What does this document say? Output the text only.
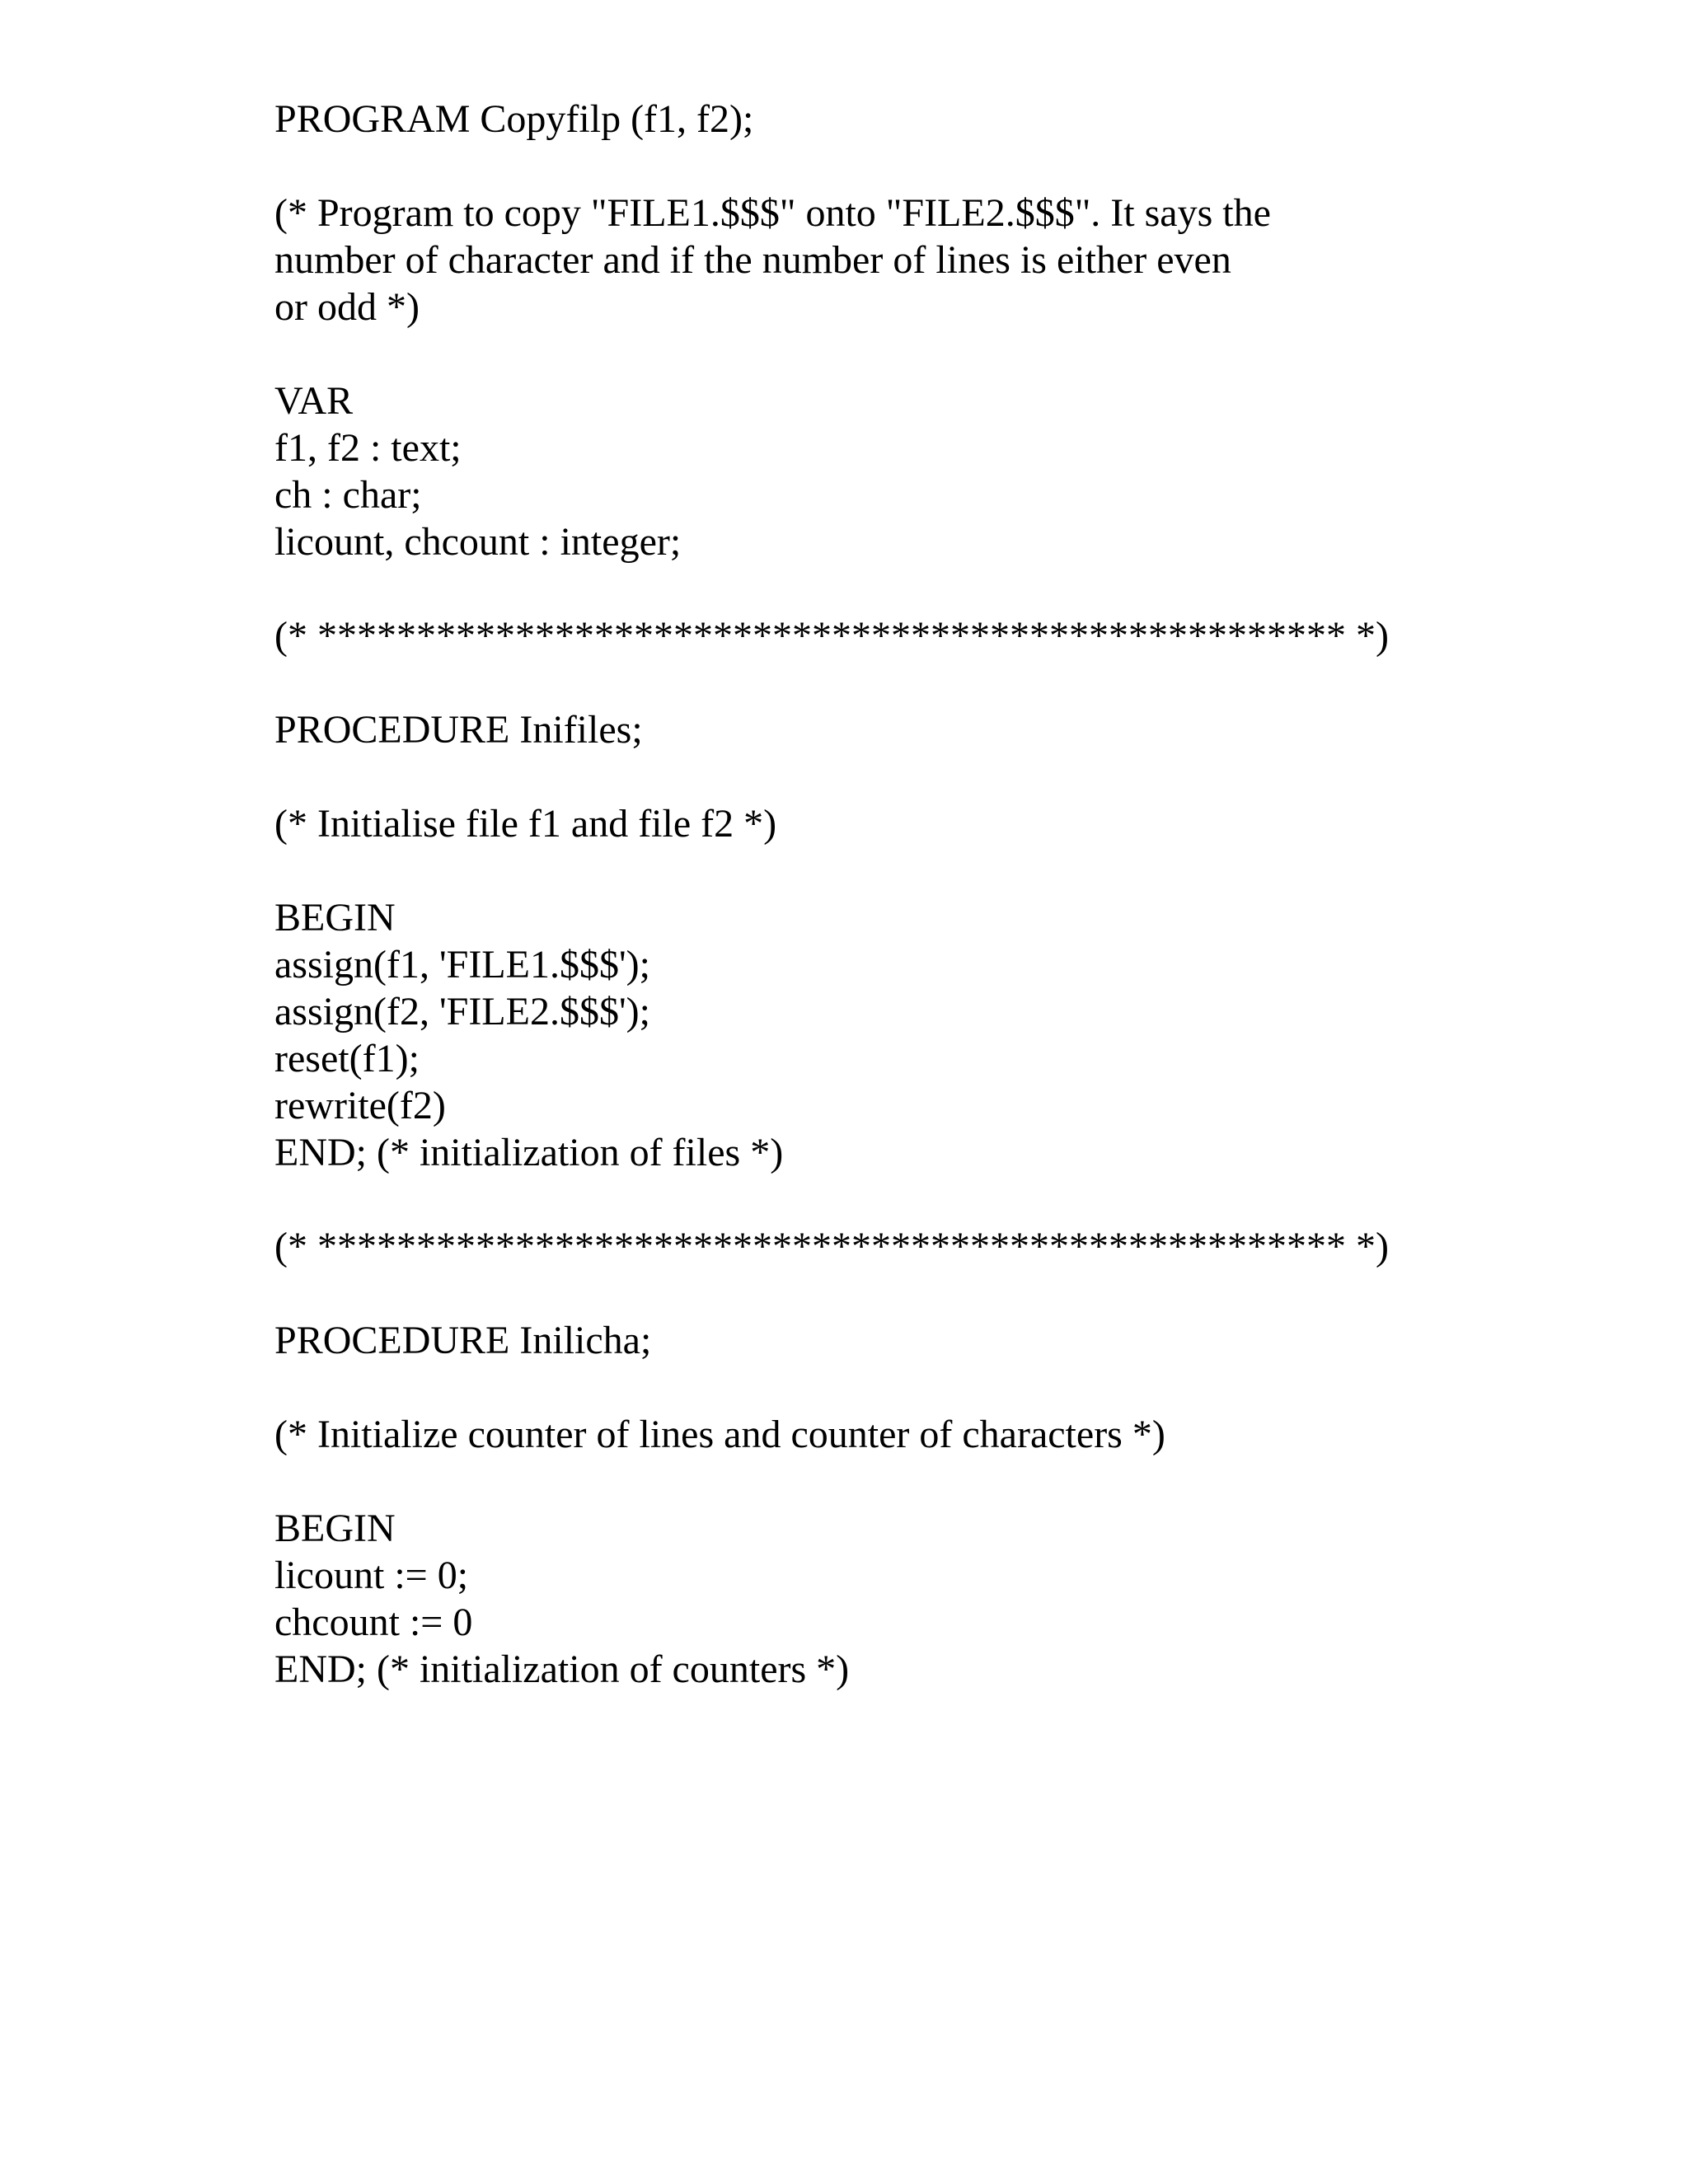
PROGRAM Copyfilp (f1, f2);
(* Program to copy "FILE1.$$$" onto "FILE2.$$$". It says the
number of character and if the number of lines is either even
or odd *)
VAR
f1, f2 : text;
ch : char;
licount, chcount : integer;
(* **************************************************** *)
PROCEDURE Inifiles;
(* Initialise file f1 and file f2 *)
BEGIN
assign(f1, 'FILE1.$$$');
assign(f2, 'FILE2.$$$');
reset(f1);
rewrite(f2)
END; (* initialization of files *)
(* **************************************************** *)
PROCEDURE Inilicha;
(* Initialize counter of lines and counter of characters *)
BEGIN
licount := 0;
chcount := 0
END; (* initialization of counters *)
